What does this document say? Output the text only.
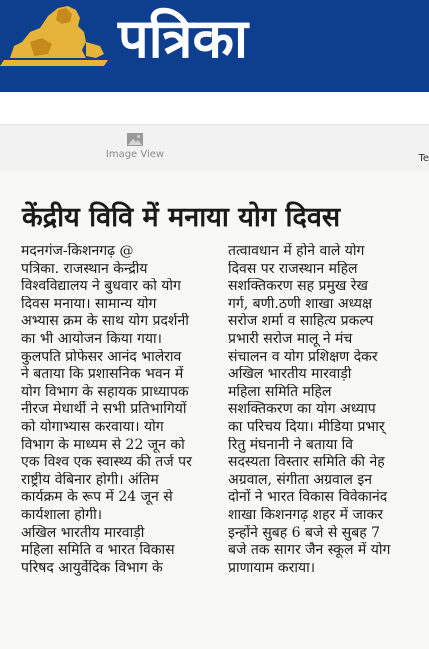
पत्रिका
Image View	Te
केंद्रीय विवि में मनाया योग दिवस
मदनगंज-किशनगढ़ @
पत्रिका. राजस्थान केन्द्रीय
विश्वविद्यालय ने बुधवार को योग
दिवस मनाया। सामान्य योग
अभ्यास क्रम के साथ योग प्रदर्शनी
का भी आयोजन किया गया।
कुलपति प्रोफेसर आनंद भालेराव
ने बताया कि प्रशासनिक भवन में
योग विभाग के सहायक प्राध्यापक
नीरज मेधार्थी ने सभी प्रतिभागियों
को योगाभ्यास करवाया। योग
विभाग के माध्यम से 22 जून को
एक विश्व एक स्वास्थ्य की तर्ज पर
राष्ट्रीय वेबिनार होगी। अंतिम
कार्यक्रम के रूप में 24 जून से
कार्यशाला होगी।
अखिल भारतीय मारवाड़ी
महिला समिति व भारत विकास
परिषद आयुर्वेदिक विभाग के
तत्वावधान में होने वाले योग
दिवस पर राजस्थान महिल
सशक्तिकरण सह प्रमुख रेख
गर्ग, बणी.ठणी शाखा अध्यक्ष
सरोज शर्मा व साहित्य प्रकल्प
प्रभारी सरोज मालू ने मंच
संचालन व योग प्रशिक्षण देकर
अखिल भारतीय मारवाड़ी
महिला समिति महिल
सशक्तिकरण का योग अध्याप
का परिचय दिया। मीडिया प्रभार्
रितु मंघनानी ने बताया वि
सदस्यता विस्तार समिति की नेह
अग्रवाल, संगीता अग्रवाल इन
दोनों ने भारत विकास विवेकानंद
शाखा किशनगढ़ शहर में जाकर
इन्होंने सुबह 6 बजे से सुबह 7
बजे तक सागर जैन स्कूल में योग
प्राणायाम कराया।
